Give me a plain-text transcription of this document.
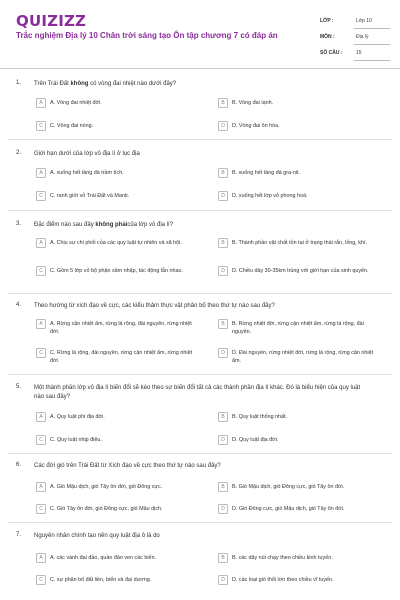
QUIZIZZ
Trắc nghiệm Địa lý 10 Chân trời sáng tạo Ôn tập chương 7 có đáp án
LỚP :	Lớp 10
MÔN :	Địa lý
SỐ CÂU :	15
1. Trên Trái Đất không có vòng đai nhiệt nào dưới đây?
A	A. Vòng đai nhiệt đới.	B	B. Vòng đai lạnh.
C	C. Vòng đai nóng.	D	D. Vòng đai ôn hòa.
2. Giới hạn dưới của lớp vỏ địa lí ở lục địa
A	A. xuống hết tầng đá trầm tích.	B	B. xuống hết tầng đá gra-nit.
C	C. ranh giới vỏ Trái Đất và Manti.	D	D. xuống hết lớp vỏ phong hoá.
3. Đặc điểm nào sau đây không phảicủa lớp vỏ địa lí?
A	A. Chịu sự chi phối của các quy luật tự nhiên và xã hội.	B	B. Thành phần vật chất tồn tại ở trạng thái rắn, lỏng, khí.
C	C. Gồm 5 lớp vỏ bộ phận xâm nhập, tác động lẫn nhau.	D	D. Chiều dày 30-35km trùng với giới hạn của sinh quyển.
4. Theo hướng từ xích đạo về cực, các kiểu thảm thực vật phân bố theo thứ tự nào sau đây?
A	A. Rừng cận nhiệt ẩm, rừng lá rộng, đài nguyên, rừng nhiệt đới.
B	B. Rừng nhiệt đới, rừng cận nhiệt ẩm, rừng lá rộng, đài nguyên.
C	C. Rừng lá rộng, đài nguyên, rừng cận nhiệt ẩm, rừng nhiệt đới.
D	D. Đài nguyên, rừng nhiệt đới, rừng lá rộng, rừng cận nhiệt ẩm.
5. Một thành phần lớp vỏ địa lí biến đổi sẽ kéo theo sự biến đổi tất cả các thành phần địa lí khác. Đó là biểu hiện của quy luật nào sau đây?
A	A. Quy luật phi địa đới.	B	B. Quy luật thống nhất.
C	C. Quy luật nhịp điệu.	D	D. Quy luật địa đới.
6. Các đới gió trên Trái Đất từ Xích đạo về cực theo thứ tự nào sau đây?
A	A. Gió Mậu dịch, gió Tây ôn đới, gió Đông cực.	B	B. Gió Mậu dịch, gió Đông cực, gió Tây ôn đới.
C	C. Gió Tây ôn đới, gió Đông cực, gió Mậu dịch.	D	D. Gió Đông cực, gió Mậu dịch, gió Tây ôn đới.
7. Nguyên nhân chính tạo nên quy luật địa ô là do
A	A. các vành đai đảo, quần đảo ven các biển.	B	B. các dãy núi chạy theo chiều kinh tuyến.
C	C. sự phân bố đất liền, biển và đại dương.	D	D. các loại gió thổi lơn theo chiều vĩ tuyến.
